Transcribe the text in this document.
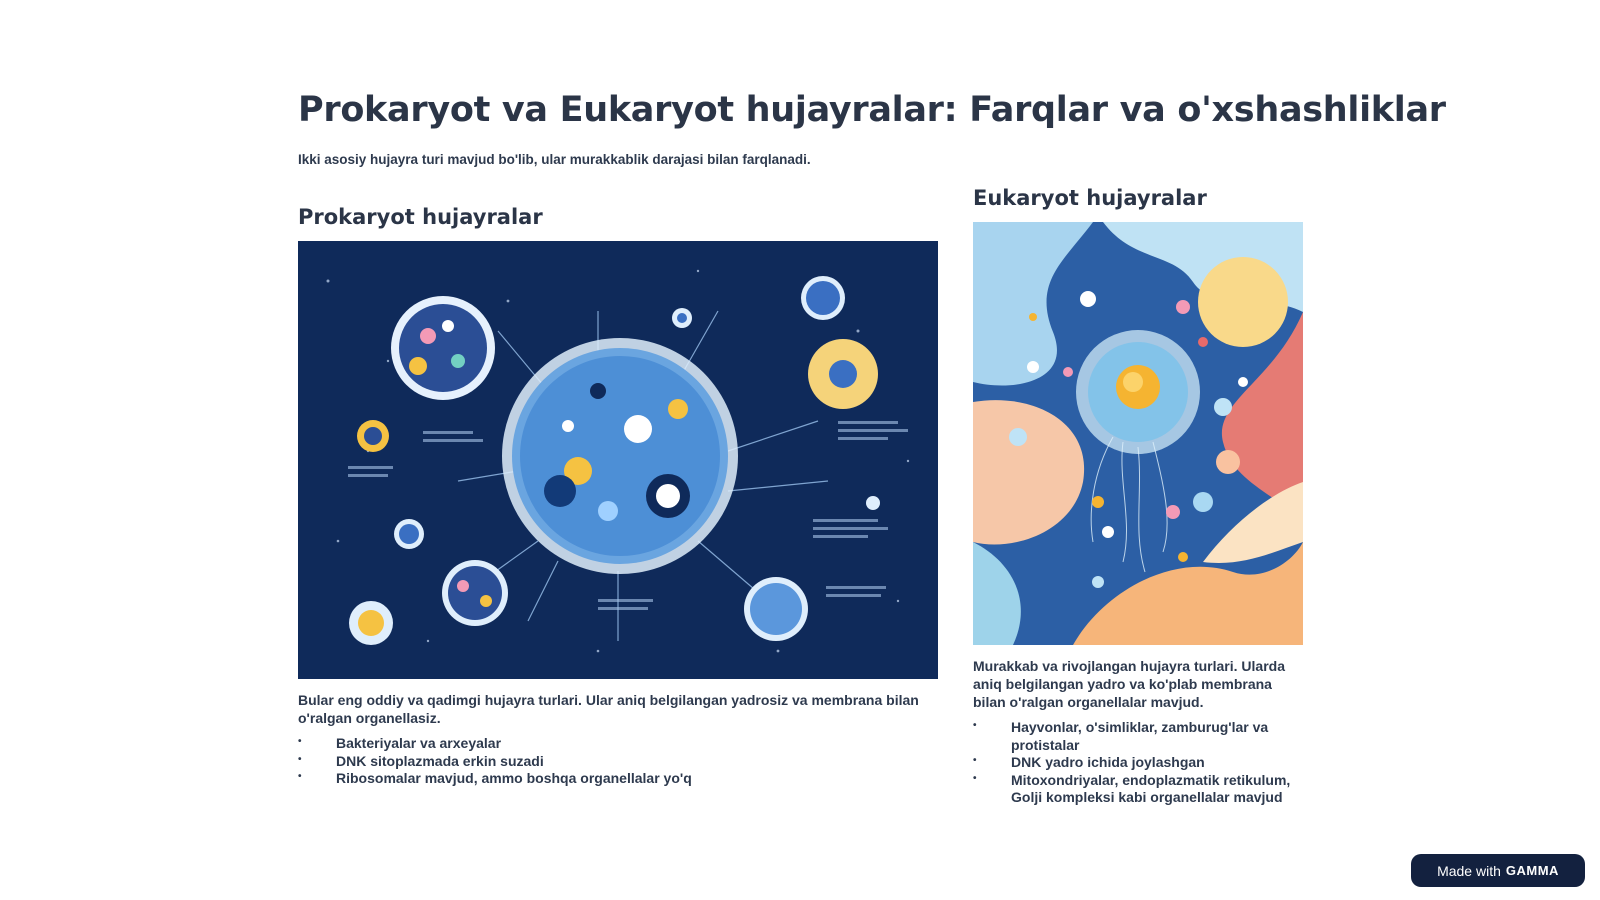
Prokaryot va Eukaryot hujayralar: Farqlar va o'xshashliklar

Ikki asosiy hujayra turi mavjud bo'lib, ular murakkablik darajasi bilan farqlanadi.

Prokaryot hujayralar

Bular eng oddiy va qadimgi hujayra turlari. Ular aniq belgilangan yadrosiz va membrana bilan o'ralgan organellasiz.

• Bakteriyalar va arxeyalar
• DNK sitoplazmada erkin suzadi
• Ribosomalar mavjud, ammo boshqa organellalar yo'q
Eukaryot hujayralar

Murakkab va rivojlangan hujayra turlari. Ularda aniq belgilangan yadro va ko'plab membrana bilan o'ralgan organellalar mavjud.

• Hayvonlar, o'simliklar, zamburug'lar va protistalar
• DNK yadro ichida joylashgan
• Mitoxondriyalar, endoplazmatik retikulum, Golji kompleksi kabi organellalar mavjud
Made with GAMMA
